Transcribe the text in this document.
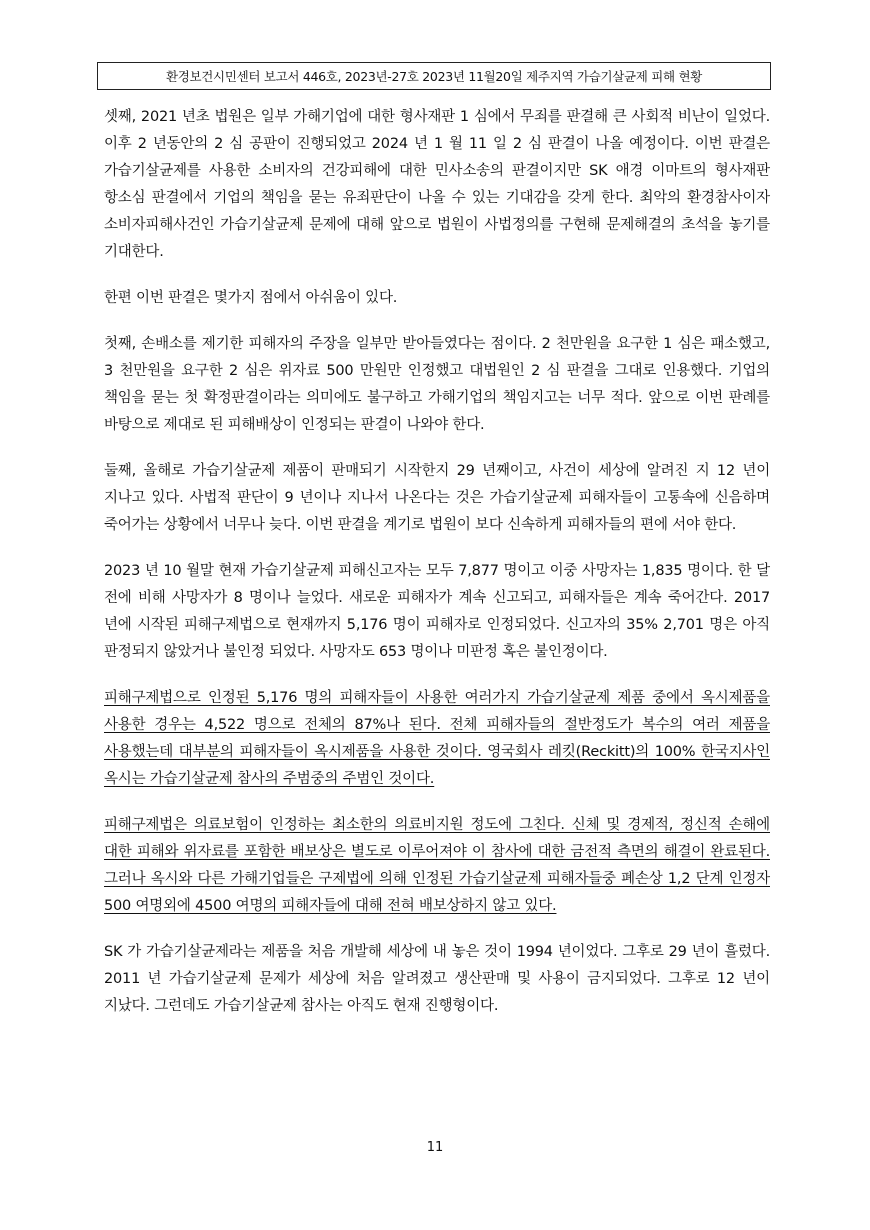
환경보건시민센터 보고서 446호, 2023년-27호 2023년 11월20일 제주지역 가습기살균제 피해 현황

셋째, 2021 년초 법원은 일부 가해기업에 대한 형사재판 1 심에서 무죄를 판결해 큰 사회적 비난이 일었다. 이후 2 년동안의 2 심 공판이 진행되었고 2024 년 1 월 11 일 2 심 판결이 나올 예정이다. 이번 판결은 가습기살균제를 사용한 소비자의 건강피해에 대한 민사소송의 판결이지만 SK 애경 이마트의 형사재판 항소심 판결에서 기업의 책임을 묻는 유죄판단이 나올 수 있는 기대감을 갖게 한다. 최악의 환경참사이자 소비자피해사건인 가습기살균제 문제에 대해 앞으로 법원이 사법정의를 구현해 문제해결의 초석을 놓기를 기대한다.

한편 이번 판결은 몇가지 점에서 아쉬움이 있다.

첫째, 손배소를 제기한 피해자의 주장을 일부만 받아들였다는 점이다. 2 천만원을 요구한 1 심은 패소했고, 3 천만원을 요구한 2 심은 위자료 500 만원만 인정했고 대법원인 2 심 판결을 그대로 인용했다. 기업의 책임을 묻는 첫 확정판결이라는 의미에도 불구하고 가해기업의 책임지고는 너무 적다. 앞으로 이번 판례를 바탕으로 제대로 된 피해배상이 인정되는 판결이 나와야 한다.

둘째, 올해로 가습기살균제 제품이 판매되기 시작한지 29 년째이고, 사건이 세상에 알려진 지 12 년이 지나고 있다. 사법적 판단이 9 년이나 지나서 나온다는 것은 가습기살균제 피해자들이 고통속에 신음하며 죽어가는 상황에서 너무나 늦다. 이번 판결을 계기로 법원이 보다 신속하게 피해자들의 편에 서야 한다.

2023 년 10 월말 현재 가습기살균제 피해신고자는 모두 7,877 명이고 이중 사망자는 1,835 명이다. 한 달 전에 비해 사망자가 8 명이나 늘었다. 새로운 피해자가 계속 신고되고, 피해자들은 계속 죽어간다. 2017 년에 시작된 피해구제법으로 현재까지 5,176 명이 피해자로 인정되었다. 신고자의 35% 2,701 명은 아직 판정되지 않았거나 불인정 되었다. 사망자도 653 명이나 미판정 혹은 불인정이다.

피해구제법으로 인정된 5,176 명의 피해자들이 사용한 여러가지 가습기살균제 제품 중에서 옥시제품을 사용한 경우는 4,522 명으로 전체의 87%나 된다. 전체 피해자들의 절반정도가 복수의 여러 제품을 사용했는데 대부분의 피해자들이 옥시제품을 사용한 것이다. 영국회사 레킷(Reckitt)의 100% 한국지사인 옥시는 가습기살균제 참사의 주범중의 주범인 것이다.

피해구제법은 의료보험이 인정하는 최소한의 의료비지원 정도에 그친다. 신체 및 경제적, 정신적 손해에 대한 피해와 위자료를 포함한 배보상은 별도로 이루어져야 이 참사에 대한 금전적 측면의 해결이 완료된다. 그러나 옥시와 다른 가해기업들은 구제법에 의해 인정된 가습기살균제 피해자들중 폐손상 1,2 단계 인정자 500 여명외에 4500 여명의 피해자들에 대해 전혀 배보상하지 않고 있다.

SK 가 가습기살균제라는 제품을 처음 개발해 세상에 내 놓은 것이 1994 년이었다. 그후로 29 년이 흘렀다. 2011 년 가습기살균제 문제가 세상에 처음 알려졌고 생산판매 및 사용이 금지되었다. 그후로 12 년이 지났다. 그런데도 가습기살균제 참사는 아직도 현재 진행형이다.

11
